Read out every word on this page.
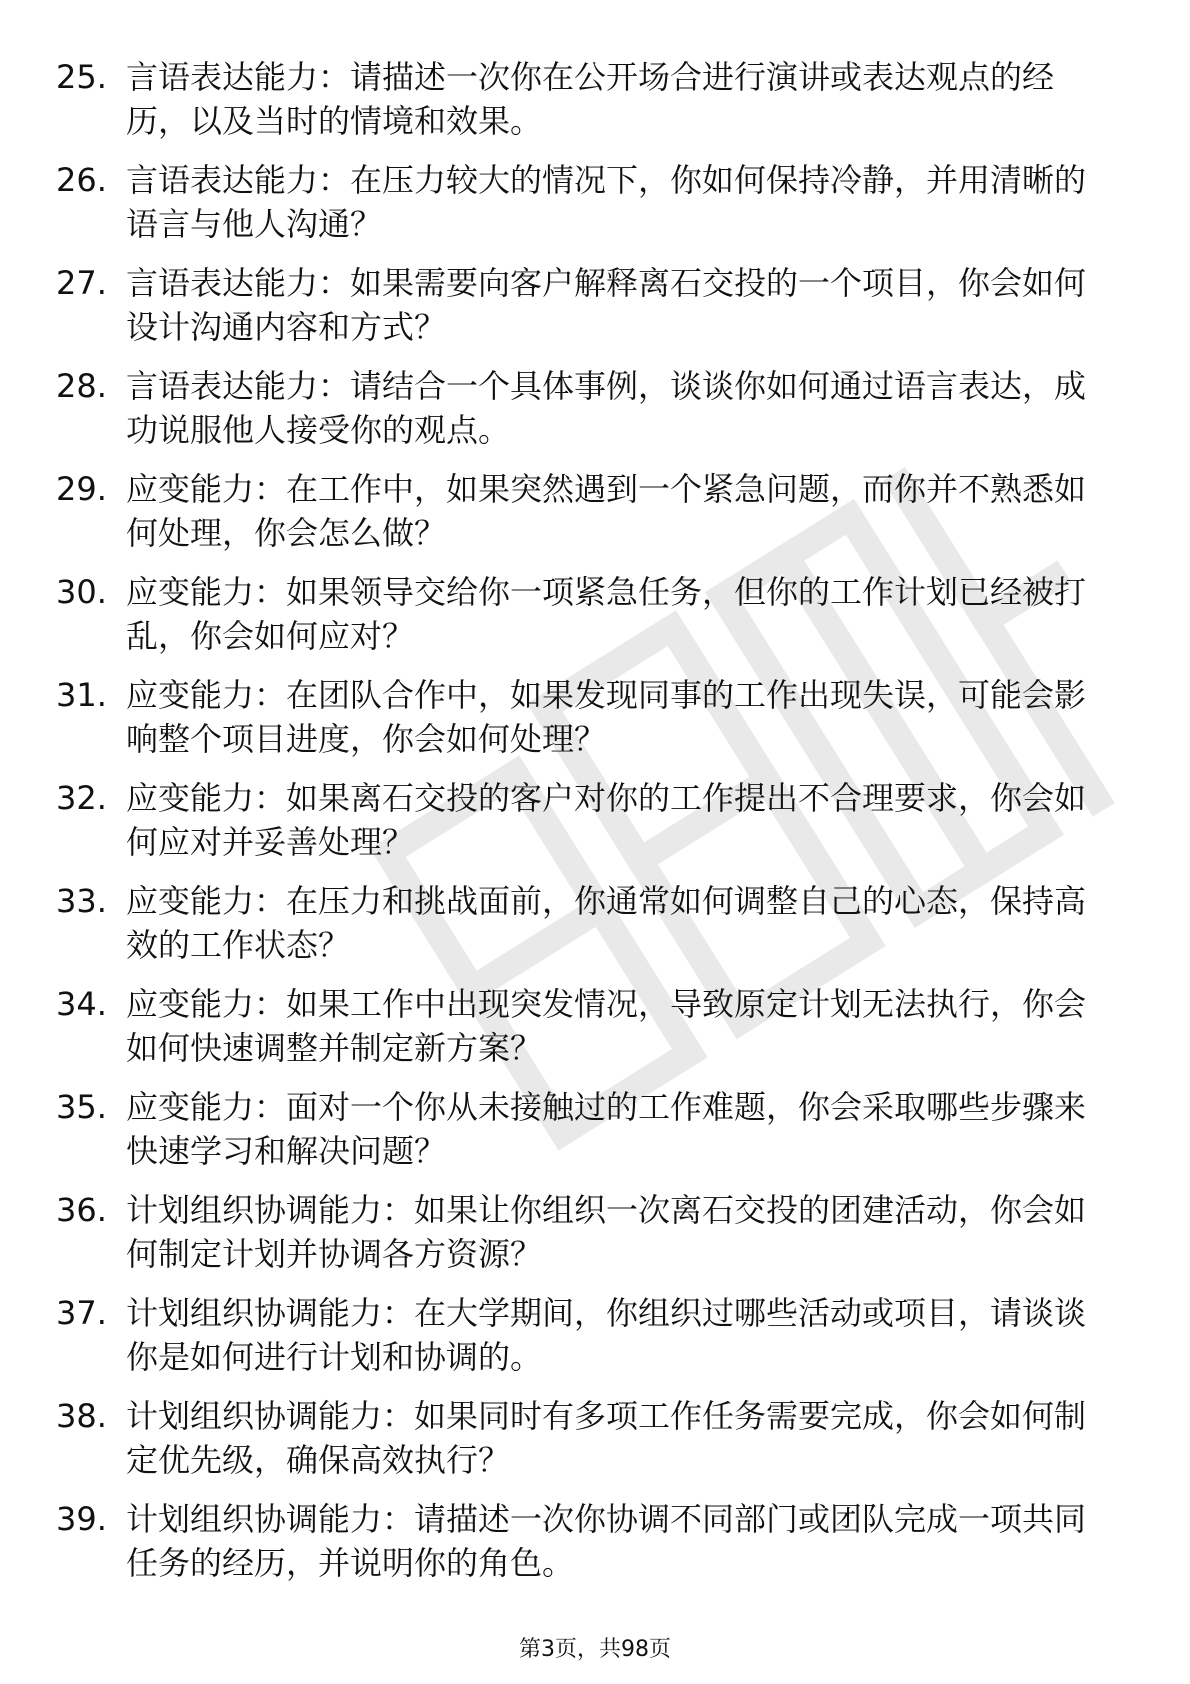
25. 言语表达能力：请描述一次你在公开场合进行演讲或表达观点的经历，以及当时的情境和效果。
26. 言语表达能力：在压力较大的情况下，你如何保持冷静，并用清晰的语言与他人沟通？
27. 言语表达能力：如果需要向客户解释离石交投的一个项目，你会如何设计沟通内容和方式？
28. 言语表达能力：请结合一个具体事例，谈谈你如何通过语言表达，成功说服他人接受你的观点。
29. 应变能力：在工作中，如果突然遇到一个紧急问题，而你并不熟悉如何处理，你会怎么做？
30. 应变能力：如果领导交给你一项紧急任务，但你的工作计划已经被打乱，你会如何应对？
31. 应变能力：在团队合作中，如果发现同事的工作出现失误，可能会影响整个项目进度，你会如何处理？
32. 应变能力：如果离石交投的客户对你的工作提出不合理要求，你会如何应对并妥善处理？
33. 应变能力：在压力和挑战面前，你通常如何调整自己的心态，保持高效的工作状态？
34. 应变能力：如果工作中出现突发情况，导致原定计划无法执行，你会如何快速调整并制定新方案？
35. 应变能力：面对一个你从未接触过的工作难题，你会采取哪些步骤来快速学习和解决问题？
36. 计划组织协调能力：如果让你组织一次离石交投的团建活动，你会如何制定计划并协调各方资源？
37. 计划组织协调能力：在大学期间，你组织过哪些活动或项目，请谈谈你是如何进行计划和协调的。
38. 计划组织协调能力：如果同时有多项工作任务需要完成，你会如何制定优先级，确保高效执行？
39. 计划组织协调能力：请描述一次你协调不同部门或团队完成一项共同任务的经历，并说明你的角色。
第3页，共98页
